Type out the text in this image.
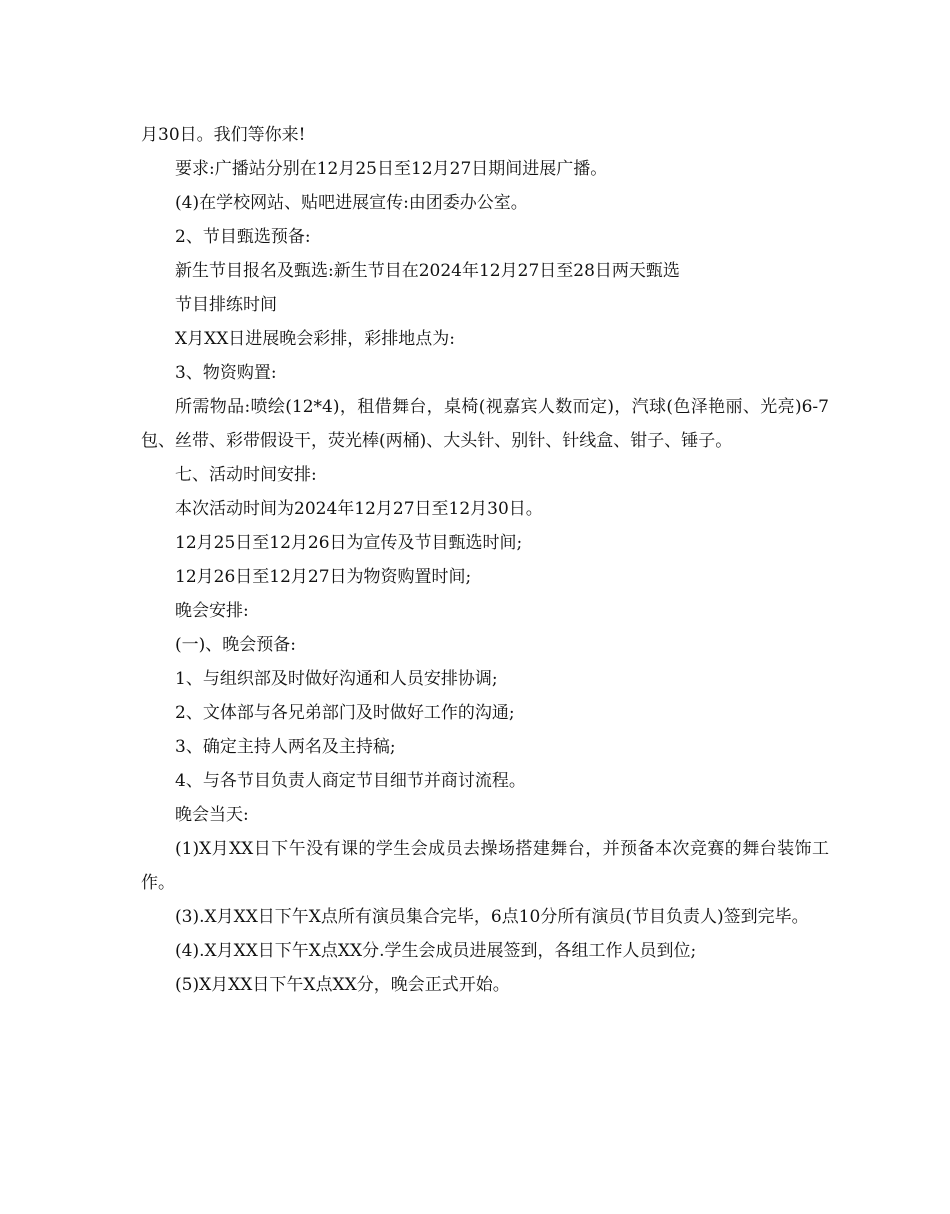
月30日。我们等你来!

要求:广播站分别在12月25日至12月27日期间进展广播。

(4)在学校网站、贴吧进展宣传:由团委办公室。

2、节目甄选预备:

新生节目报名及甄选:新生节目在2024年12月27日至28日两天甄选

节目排练时间

X月XX日进展晚会彩排，彩排地点为:

3、物资购置:

所需物品:喷绘(12*4)，租借舞台，桌椅(视嘉宾人数而定)，汽球(色泽艳丽、光亮)6-7包、丝带、彩带假设干，荧光棒(两桶)、大头针、别针、针线盒、钳子、锤子。

七、活动时间安排:

本次活动时间为2024年12月27日至12月30日。

12月25日至12月26日为宣传及节目甄选时间;

12月26日至12月27日为物资购置时间;

晚会安排:

(一)、晚会预备:

1、与组织部及时做好沟通和人员安排协调;

2、文体部与各兄弟部门及时做好工作的沟通;

3、确定主持人两名及主持稿;

4、与各节目负责人商定节目细节并商讨流程。

晚会当天:

(1)X月XX日下午没有课的学生会成员去操场搭建舞台，并预备本次竞赛的舞台装饰工作。

(3).X月XX日下午X点所有演员集合完毕，6点10分所有演员(节目负责人)签到完毕。

(4).X月XX日下午X点XX分.学生会成员进展签到，各组工作人员到位;

(5)X月XX日下午X点XX分，晚会正式开始。
